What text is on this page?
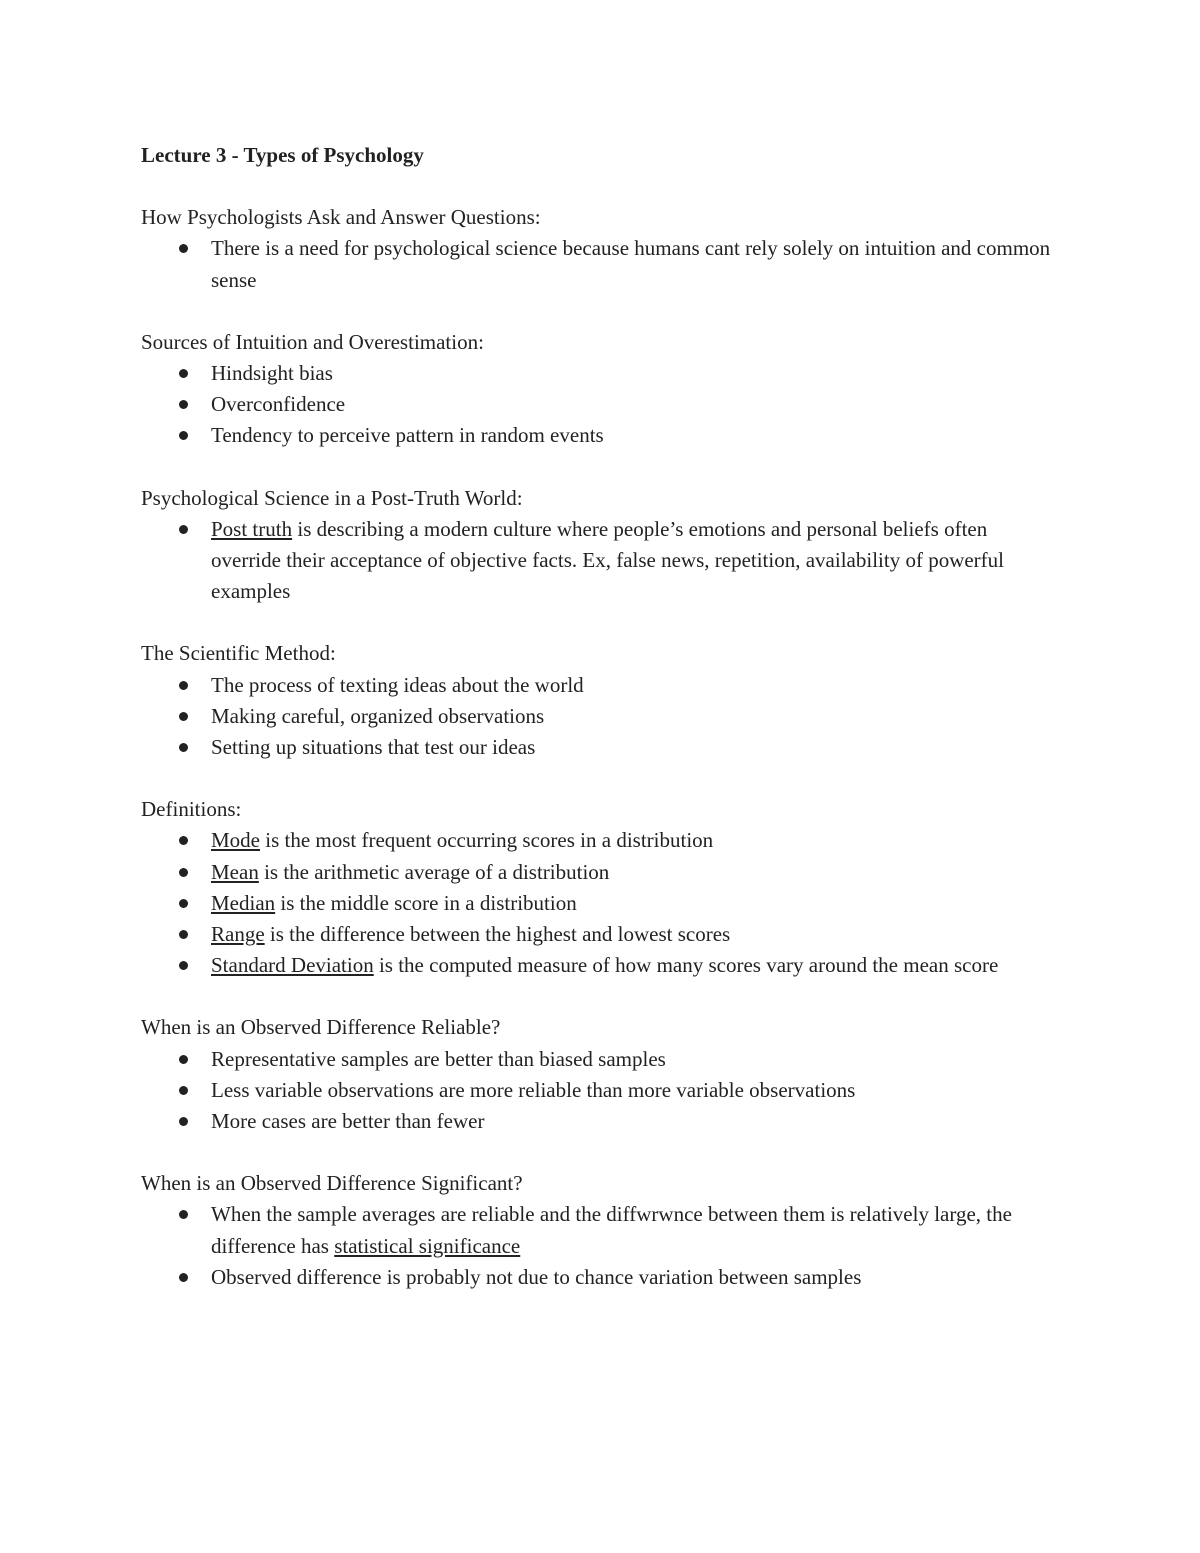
Lecture 3 - Types of Psychology
How Psychologists Ask and Answer Questions:
There is a need for psychological science because humans cant rely solely on intuition and common sense
Sources of Intuition and Overestimation:
Hindsight bias
Overconfidence
Tendency to perceive pattern in random events
Psychological Science in a Post-Truth World:
Post truth is describing a modern culture where people’s emotions and personal beliefs often override their acceptance of objective facts. Ex, false news, repetition, availability of powerful examples
The Scientific Method:
The process of texting ideas about the world
Making careful, organized observations
Setting up situations that test our ideas
Definitions:
Mode is the most frequent occurring scores in a distribution
Mean is the arithmetic average of a distribution
Median is the middle score in a distribution
Range is the difference between the highest and lowest scores
Standard Deviation is the computed measure of how many scores vary around the mean score
When is an Observed Difference Reliable?
Representative samples are better than biased samples
Less variable observations are more reliable than more variable observations
More cases are better than fewer
When is an Observed Difference Significant?
When the sample averages are reliable and the diffwrwnce between them is relatively large, the difference has statistical significance
Observed difference is probably not due to chance variation between samples
